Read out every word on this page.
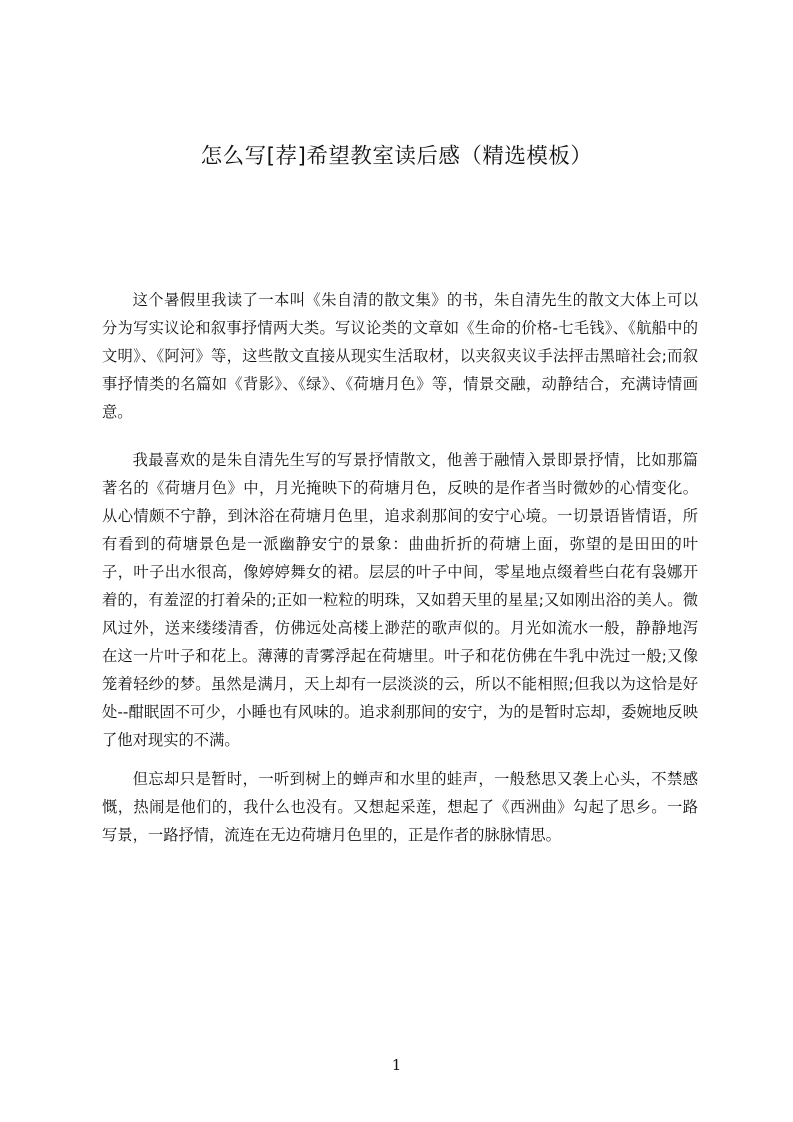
怎么写[荐]希望教室读后感（精选模板）

这个暑假里我读了一本叫《朱自清的散文集》的书，朱自清先生的散文大体上可以分为写实议论和叙事抒情两大类。写议论类的文章如《生命的价格-七毛钱》、《航船中的文明》、《阿河》等，这些散文直接从现实生活取材，以夹叙夹议手法抨击黑暗社会;而叙事抒情类的名篇如《背影》、《绿》、《荷塘月色》等，情景交融，动静结合，充满诗情画意。

我最喜欢的是朱自清先生写的写景抒情散文，他善于融情入景即景抒情，比如那篇著名的《荷塘月色》中，月光掩映下的荷塘月色，反映的是作者当时微妙的心情变化。从心情颇不宁静，到沐浴在荷塘月色里，追求刹那间的安宁心境。一切景语皆情语，所有看到的荷塘景色是一派幽静安宁的景象：曲曲折折的荷塘上面，弥望的是田田的叶子，叶子出水很高，像婷婷舞女的裙。层层的叶子中间，零星地点缀着些白花有袅娜开着的，有羞涩的打着朵的;正如一粒粒的明珠，又如碧天里的星星;又如刚出浴的美人。微风过外，送来缕缕清香，仿佛远处高楼上渺茫的歌声似的。月光如流水一般，静静地泻在这一片叶子和花上。薄薄的青雾浮起在荷塘里。叶子和花仿佛在牛乳中洗过一般;又像笼着轻纱的梦。虽然是满月，天上却有一层淡淡的云，所以不能相照;但我以为这恰是好处--酣眠固不可少，小睡也有风味的。追求刹那间的安宁，为的是暂时忘却，委婉地反映了他对现实的不满。

但忘却只是暂时，一听到树上的蝉声和水里的蛙声，一般愁思又袭上心头，不禁感慨，热闹是他们的，我什么也没有。又想起采莲，想起了《西洲曲》勾起了思乡。一路写景，一路抒情，流连在无边荷塘月色里的，正是作者的脉脉情思。

1
